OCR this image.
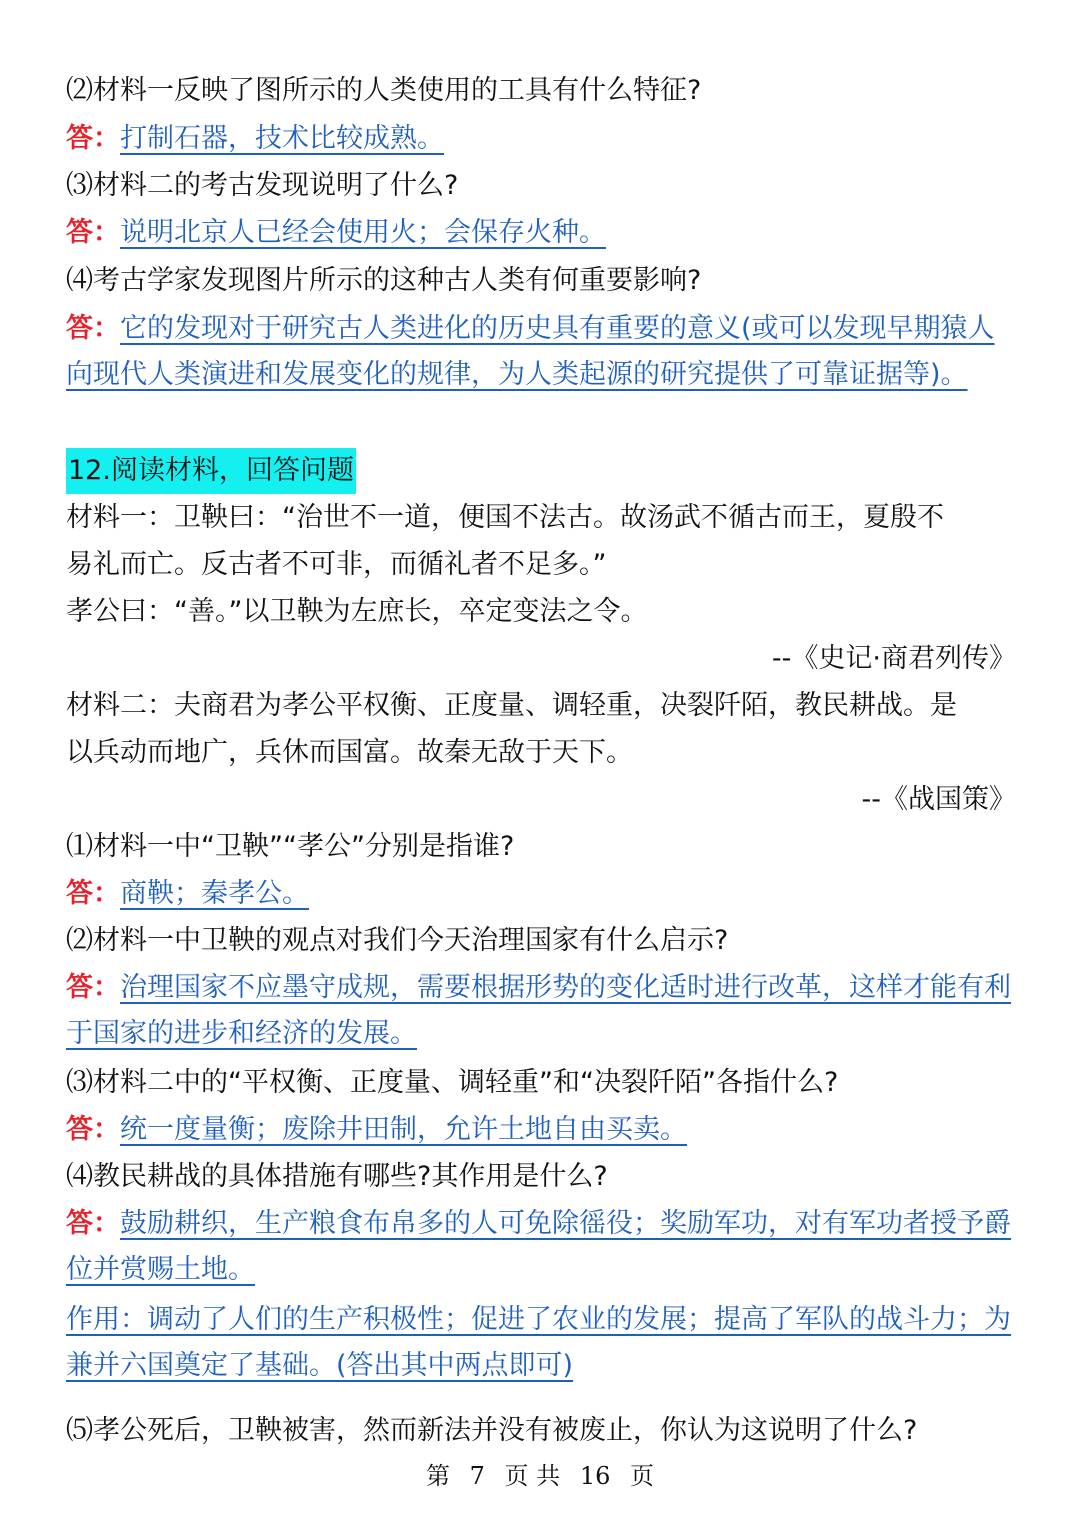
⑵材料一反映了图所示的人类使用的工具有什么特征?
答：打制石器，技术比较成熟。
⑶材料二的考古发现说明了什么?
答：说明北京人已经会使用火；会保存火种。
⑷考古学家发现图片所示的这种古人类有何重要影响?
答：它的发现对于研究古人类进化的历史具有重要的意义(或可以发现早期猿人向现代人类演进和发展变化的规律，为人类起源的研究提供了可靠证据等)。
12.阅读材料，回答问题
材料一：卫鞅曰：“治世不一道，便国不法古。故汤武不循古而王，夏殷不
易礼而亡。反古者不可非，而循礼者不足多。”
孝公曰：“善。”以卫鞅为左庶长，卒定变法之令。
--《史记·商君列传》
材料二：夫商君为孝公平权衡、正度量、调轻重，决裂阡陌，教民耕战。是
以兵动而地广，兵休而国富。故秦无敌于天下。
--《战国策》
⑴材料一中“卫鞅”“孝公”分别是指谁?
答：商鞅；秦孝公。
⑵材料一中卫鞅的观点对我们今天治理国家有什么启示?
答：治理国家不应墨守成规，需要根据形势的变化适时进行改革，这样才能有利于国家的进步和经济的发展。
⑶材料二中的“平权衡、正度量、调轻重”和“决裂阡陌”各指什么?
答：统一度量衡；废除井田制，允许土地自由买卖。
⑷教民耕战的具体措施有哪些?其作用是什么?
答：鼓励耕织，生产粮食布帛多的人可免除徭役；奖励军功，对有军功者授予爵位并赏赐土地。
作用：调动了人们的生产积极性；促进了农业的发展；提高了军队的战斗力；为兼并六国奠定了基础。(答出其中两点即可)
⑸孝公死后，卫鞅被害，然而新法并没有被废止，你认为这说明了什么?
第 7 页 共 16 页
